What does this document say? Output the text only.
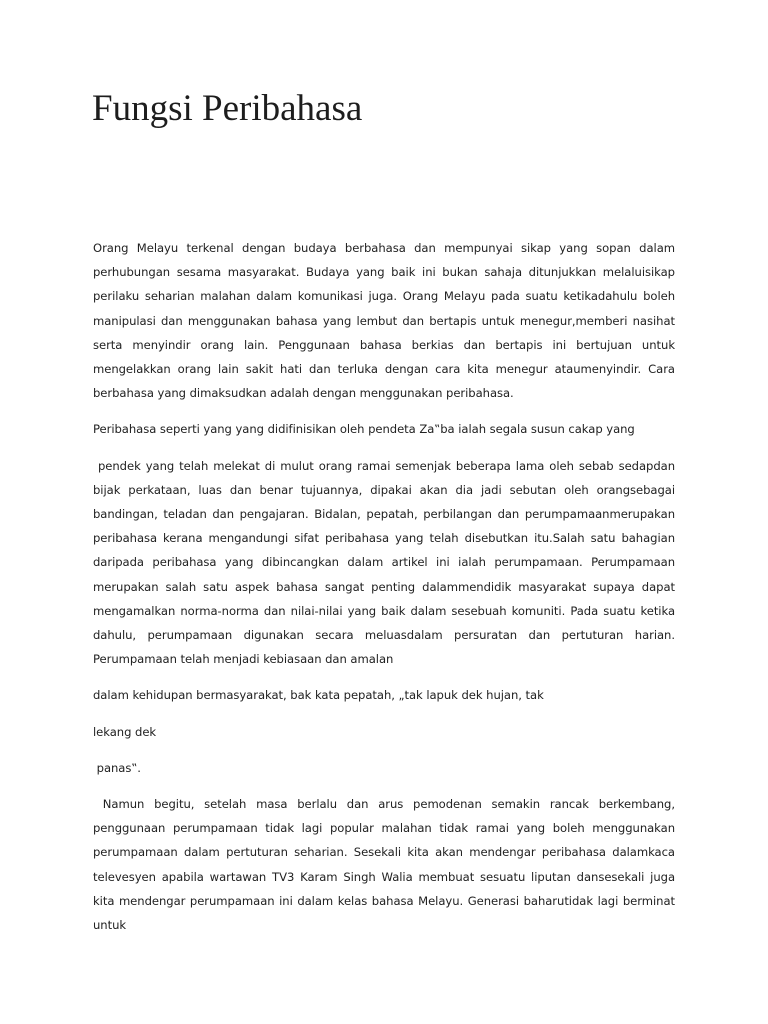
Fungsi Peribahasa

Orang Melayu terkenal dengan budaya berbahasa dan mempunyai sikap yang sopan dalam perhubungan sesama masyarakat. Budaya yang baik ini bukan sahaja ditunjukkan melaluisikap perilaku seharian malahan dalam komunikasi juga. Orang Melayu pada suatu ketikadahulu boleh manipulasi dan menggunakan bahasa yang lembut dan bertapis untuk menegur,memberi nasihat serta menyindir orang lain. Penggunaan bahasa berkias dan bertapis ini bertujuan untuk mengelakkan orang lain sakit hati dan terluka dengan cara kita menegur ataumenyindir. Cara berbahasa yang dimaksudkan adalah dengan menggunakan peribahasa.

Peribahasa seperti yang yang didifinisikan oleh pendeta Za‟ba ialah segala susun cakap yang

pendek yang telah melekat di mulut orang ramai semenjak beberapa lama oleh sebab sedapdan bijak perkataan, luas dan benar tujuannya, dipakai akan dia jadi sebutan oleh orangsebagai bandingan, teladan dan pengajaran. Bidalan, pepatah, perbilangan dan perumpamaanmerupakan peribahasa kerana mengandungi sifat peribahasa yang telah disebutkan itu.Salah satu bahagian daripada peribahasa yang dibincangkan dalam artikel ini ialah perumpamaan. Perumpamaan merupakan salah satu aspek bahasa sangat penting dalammendidik masyarakat supaya dapat mengamalkan norma-norma dan nilai-nilai yang baik dalam sesebuah komuniti. Pada suatu ketika dahulu, perumpamaan digunakan secara meluasdalam persuratan dan pertuturan harian. Perumpamaan telah menjadi kebiasaan dan amalan

dalam kehidupan bermasyarakat, bak kata pepatah, „tak lapuk dek hujan, tak

lekang dek

panas‟.

Namun begitu, setelah masa berlalu dan arus pemodenan semakin rancak berkembang, penggunaan perumpamaan tidak lagi popular malahan tidak ramai yang boleh menggunakan perumpamaan dalam pertuturan seharian. Sesekali kita akan mendengar peribahasa dalamkaca televesyen apabila wartawan TV3 Karam Singh Walia membuat sesuatu liputan dansesekali juga kita mendengar perumpamaan ini dalam kelas bahasa Melayu. Generasi baharutidak lagi berminat untuk
